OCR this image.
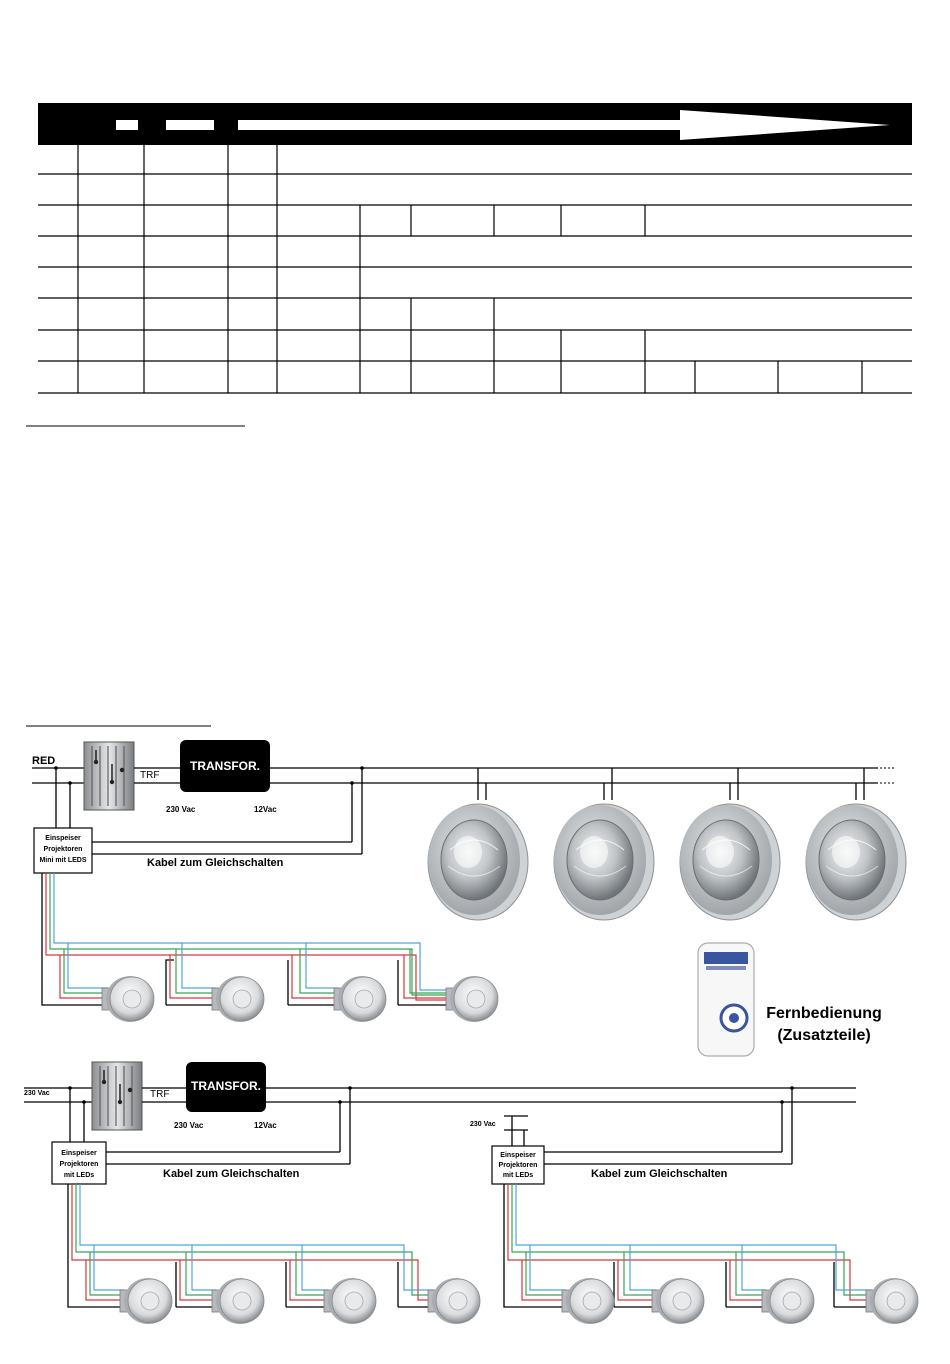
RED
TRF
TRANSFOR.
230 Vac	12Vac
Einspeiser
Projektoren
Mini mit LEDS	Kabel zum Gleichschalten
Fernbedienung
(Zusatzteile)
230 Vac	TRF
TRANSFOR.
230 Vac	12Vac
Einspeiser
Projektoren
mit LEDs	Kabel zum Gleichschalten
230 Vac
Einspeiser
Projektoren
mit LEDs	Kabel zum Gleichschalten
